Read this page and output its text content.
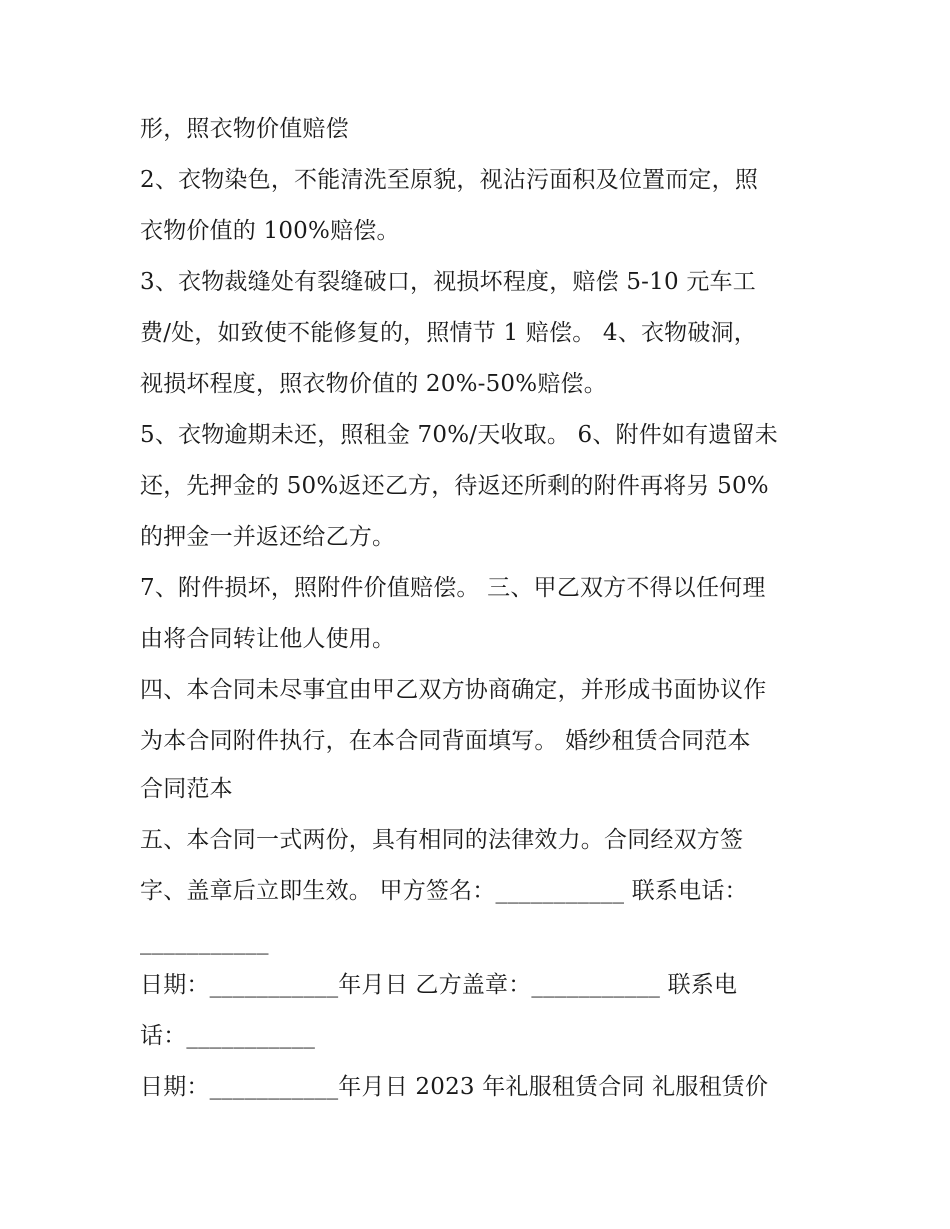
形，照衣物价值赔偿
2、衣物染色，不能清洗至原貌，视沾污面积及位置而定，照
衣物价值的 100%赔偿。
3、衣物裁缝处有裂缝破口，视损坏程度，赔偿 5-10 元车工
费/处，如致使不能修复的，照情节 1 赔偿。 4、衣物破洞，
视损坏程度，照衣物价值的 20%-50%赔偿。
5、衣物逾期未还，照租金 70%/天收取。 6、附件如有遗留未
还，先押金的 50%返还乙方，待返还所剩的附件再将另 50%
的押金一并返还给乙方。
7、附件损坏，照附件价值赔偿。 三、甲乙双方不得以任何理
由将合同转让他人使用。
四、本合同未尽事宜由甲乙双方协商确定，并形成书面协议作
为本合同附件执行，在本合同背面填写。 婚纱租赁合同范本
合同范本
五、本合同一式两份，具有相同的法律效力。合同经双方签
字、盖章后立即生效。 甲方签名：___________ 联系电话：
___________
日期：___________年月日 乙方盖章：___________ 联系电
话：___________
日期：___________年月日 2023 年礼服租赁合同 礼服租赁价
